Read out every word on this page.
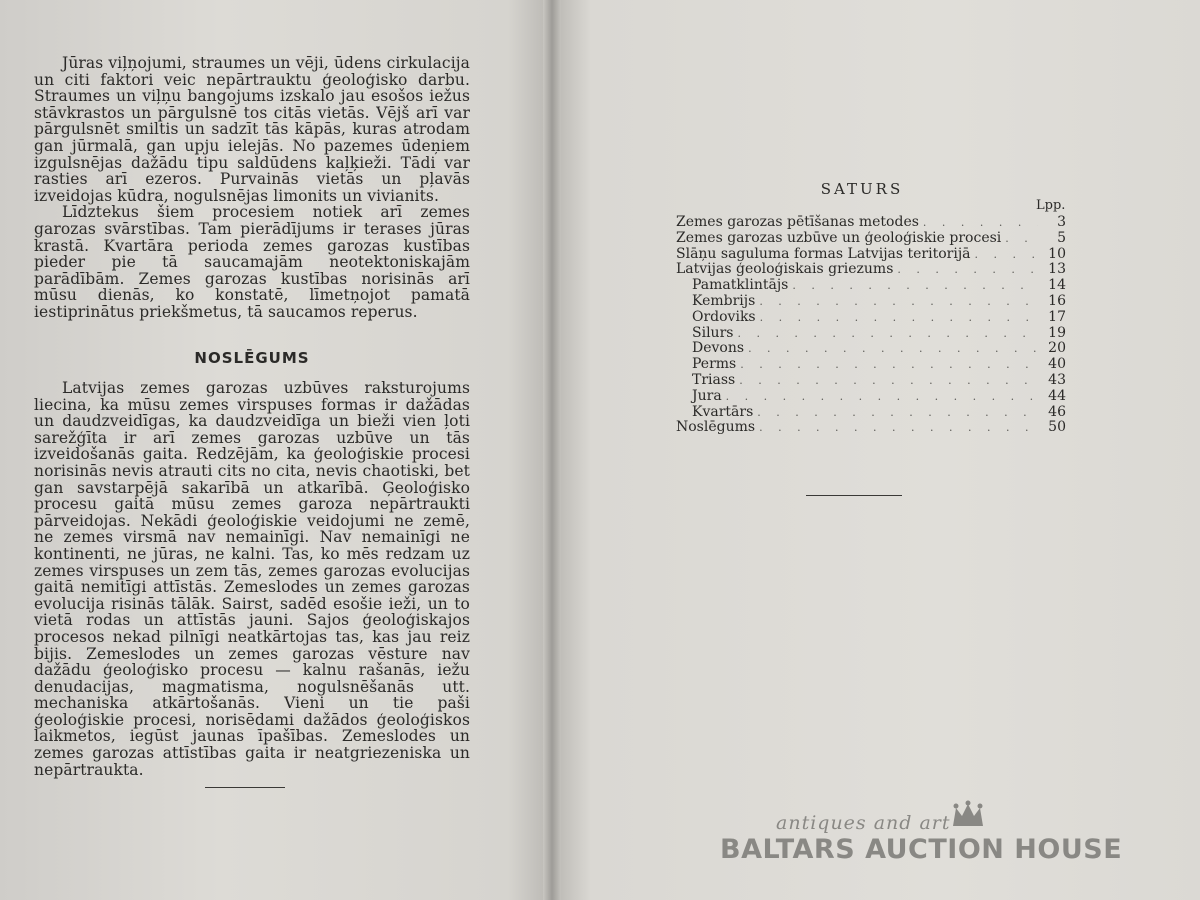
Jūras viļņojumi, straumes un vēji, ūdens cirkulacija un citi faktori veic nepārtrauktu ģeoloģisko darbu. Straumes un viļņu bangojums izskalo jau esošos iežus stāvkrastos un pārgulsnē tos citās vietās. Vējš arī var pārgulsnēt smiltis un sadzīt tās kāpās, kuras atrodam gan jūrmalā, gan upju ielejās. No pazemes ūdeņiem izgulsnējas dažādu tipu saldūdens kaļķieži. Tādi var rasties arī ezeros. Purvainās vietās un pļavās izveidojas kūdra, nogulsnējas limonits un vivianits.

Līdztekus šiem procesiem notiek arī zemes garozas svārstības. Tam pierādījums ir terases jūras krastā. Kvartāra perioda zemes garozas kustības pieder pie tā saucamajām neotektoniskajām parādībām. Zemes garozas kustības norisinās arī mūsu dienās, ko konstatē, līmetņojot pamatā iestiprinātus priekšmetus, tā saucamos reperus.

NOSLĒGUMS

Latvijas zemes garozas uzbūves raksturojums liecina, ka mūsu zemes virspuses formas ir dažādas un daudzveidīgas, ka daudzveidīga un bieži vien ļoti sarežģīta ir arī zemes garozas uzbūve un tās izveidošanās gaita. Redzējām, ka ģeoloģiskie procesi norisinās nevis atrauti cits no cita, nevis chaotiski, bet gan savstarpējā sakarībā un atkarībā. Ģeoloģisko procesu gaitā mūsu zemes garoza nepārtraukti pārveidojas. Nekādi ģeoloģiskie veidojumi ne zemē, ne zemes virsmā nav nemainīgi. Nav nemainīgi ne kontinenti, ne jūras, ne kalni. Tas, ko mēs redzam uz zemes virspuses un zem tās, zemes garozas evolucijas gaitā nemitīgi attīstās. Zemeslodes un zemes garozas evolucija risinās tālāk. Sairst, sadēd esošie ieži, un to vietā rodas un attīstās jauni. Sajos ģeoloģiskajos procesos nekad pilnīgi neatkārtojas tas, kas jau reiz bijis. Zemeslodes un zemes garozas vēsture nav dažādu ģeoloģisko procesu — kalnu rašanās, iežu denudacijas, magmatisma, nogulsnēšanās utt. mechaniska atkārtošanās. Vieni un tie paši ģeoloģiskie procesi, norisēdami dažādos ģeoloģiskos laikmetos, iegūst jaunas īpašības. Zemeslodes un zemes garozas attīstības gaita ir neatgriezeniska un nepārtraukta.

SATURS
Lpp.
Zemes garozas pētīšanas metodes . . .	3
Zemes garozas uzbūve un ģeoloģiskie procesi . . .	5
Slāņu saguluma formas Latvijas teritorijā . . .	10
Latvijas ģeoloģiskais griezums . . .	13
Pamatklintājs . . .	14
Kembrijs . . .	16
Ordoviks . . .	17
Silurs . . .	19
Devons . . .	20
Perms . . .	40
Triass . . .	43
Jura . . .	44
Kvartārs . . .	46
Noslēgums . . .	50
antiques and art
BALTARS AUCTION HOUSE
